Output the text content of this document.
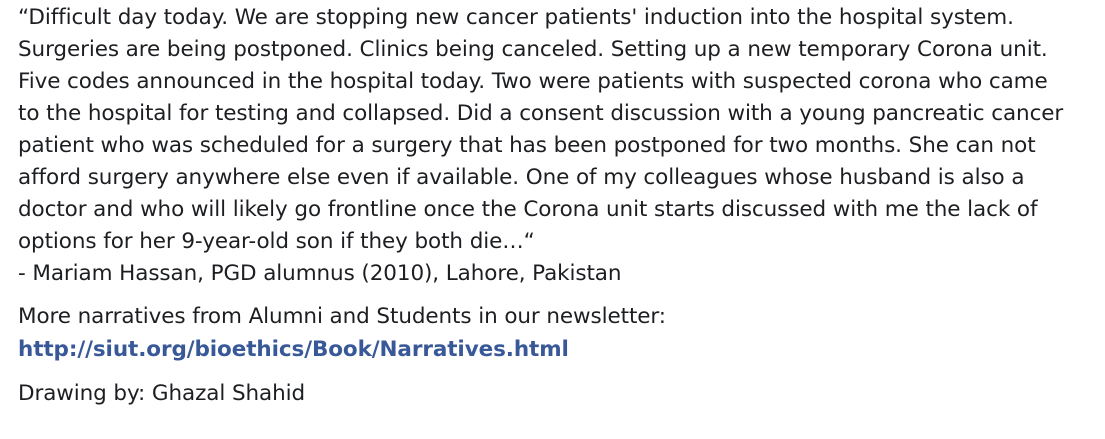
“Difficult day today. We are stopping new cancer patients' induction into the hospital system.
Surgeries are being postponed. Clinics being canceled. Setting up a new temporary Corona unit.
Five codes announced in the hospital today. Two were patients with suspected corona who came
to the hospital for testing and collapsed. Did a consent discussion with a young pancreatic cancer
patient who was scheduled for a surgery that has been postponed for two months. She can not
afford surgery anywhere else even if available. One of my colleagues whose husband is also a
doctor and who will likely go frontline once the Corona unit starts discussed with me the lack of
options for her 9-year-old son if they both die…“
- Mariam Hassan, PGD alumnus (2010), Lahore, Pakistan
More narratives from Alumni and Students in our newsletter:
http://siut.org/bioethics/Book/Narratives.html
Drawing by: Ghazal Shahid
